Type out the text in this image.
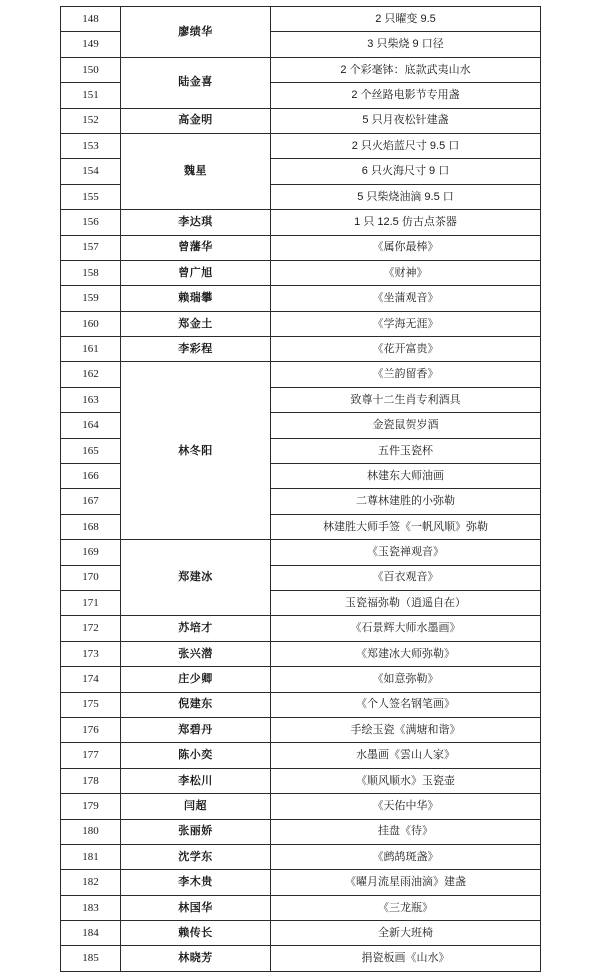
148	廖绩华	2 只曜变 9.5
149		3 只柴烧 9 口径
150	陆金喜	2 个彩毫钵：底款武夷山水
151		2 个丝路电影节专用盏
152	高金明	5 只月夜松针建盏
153	魏星	2 只火焰蓝尺寸 9.5 口
154		6 只火海尺寸 9 口
155		5 只柴烧油滴 9.5 口
156	李达琪	1 只 12.5 仿古点茶器
157	曾藩华	《属你最棒》
158	曾广旭	《财神》
159	赖瑞攀	《坐蒲观音》
160	郑金土	《学海无涯》
161	李彩程	《花开富贵》
162	林冬阳	《兰韵留香》
163		致尊十二生肖专利酒具
164		金瓷鼠贺岁酒
165		五件玉瓷杯
166		林建东大师油画
167		二尊林建胜的小弥勒
168		林建胜大师手签《一帆风顺》弥勒
169	郑建冰	《玉瓷禅观音》
170		《百衣观音》
171		玉瓷福弥勒（逍遥自在）
172	苏培才	《石景辉大师水墨画》
173	张兴潜	《郑建冰大师弥勒》
174	庄少卿	《如意弥勒》
175	倪建东	《个人签名钢笔画》
176	郑碧丹	手绘玉瓷《满塘和谐》
177	陈小奕	水墨画《雲山人家》
178	李松川	《顺风顺水》玉瓷壶
179	闫超	《天佑中华》
180	张丽娇	挂盘《待》
181	沈学东	《鹧鸪斑盏》
182	李木贵	《曜月流星雨油滴》建盏
183	林国华	《三龙瓶》
184	赖传长	全新大班椅
185	林晓芳	捐瓷板画《山水》
